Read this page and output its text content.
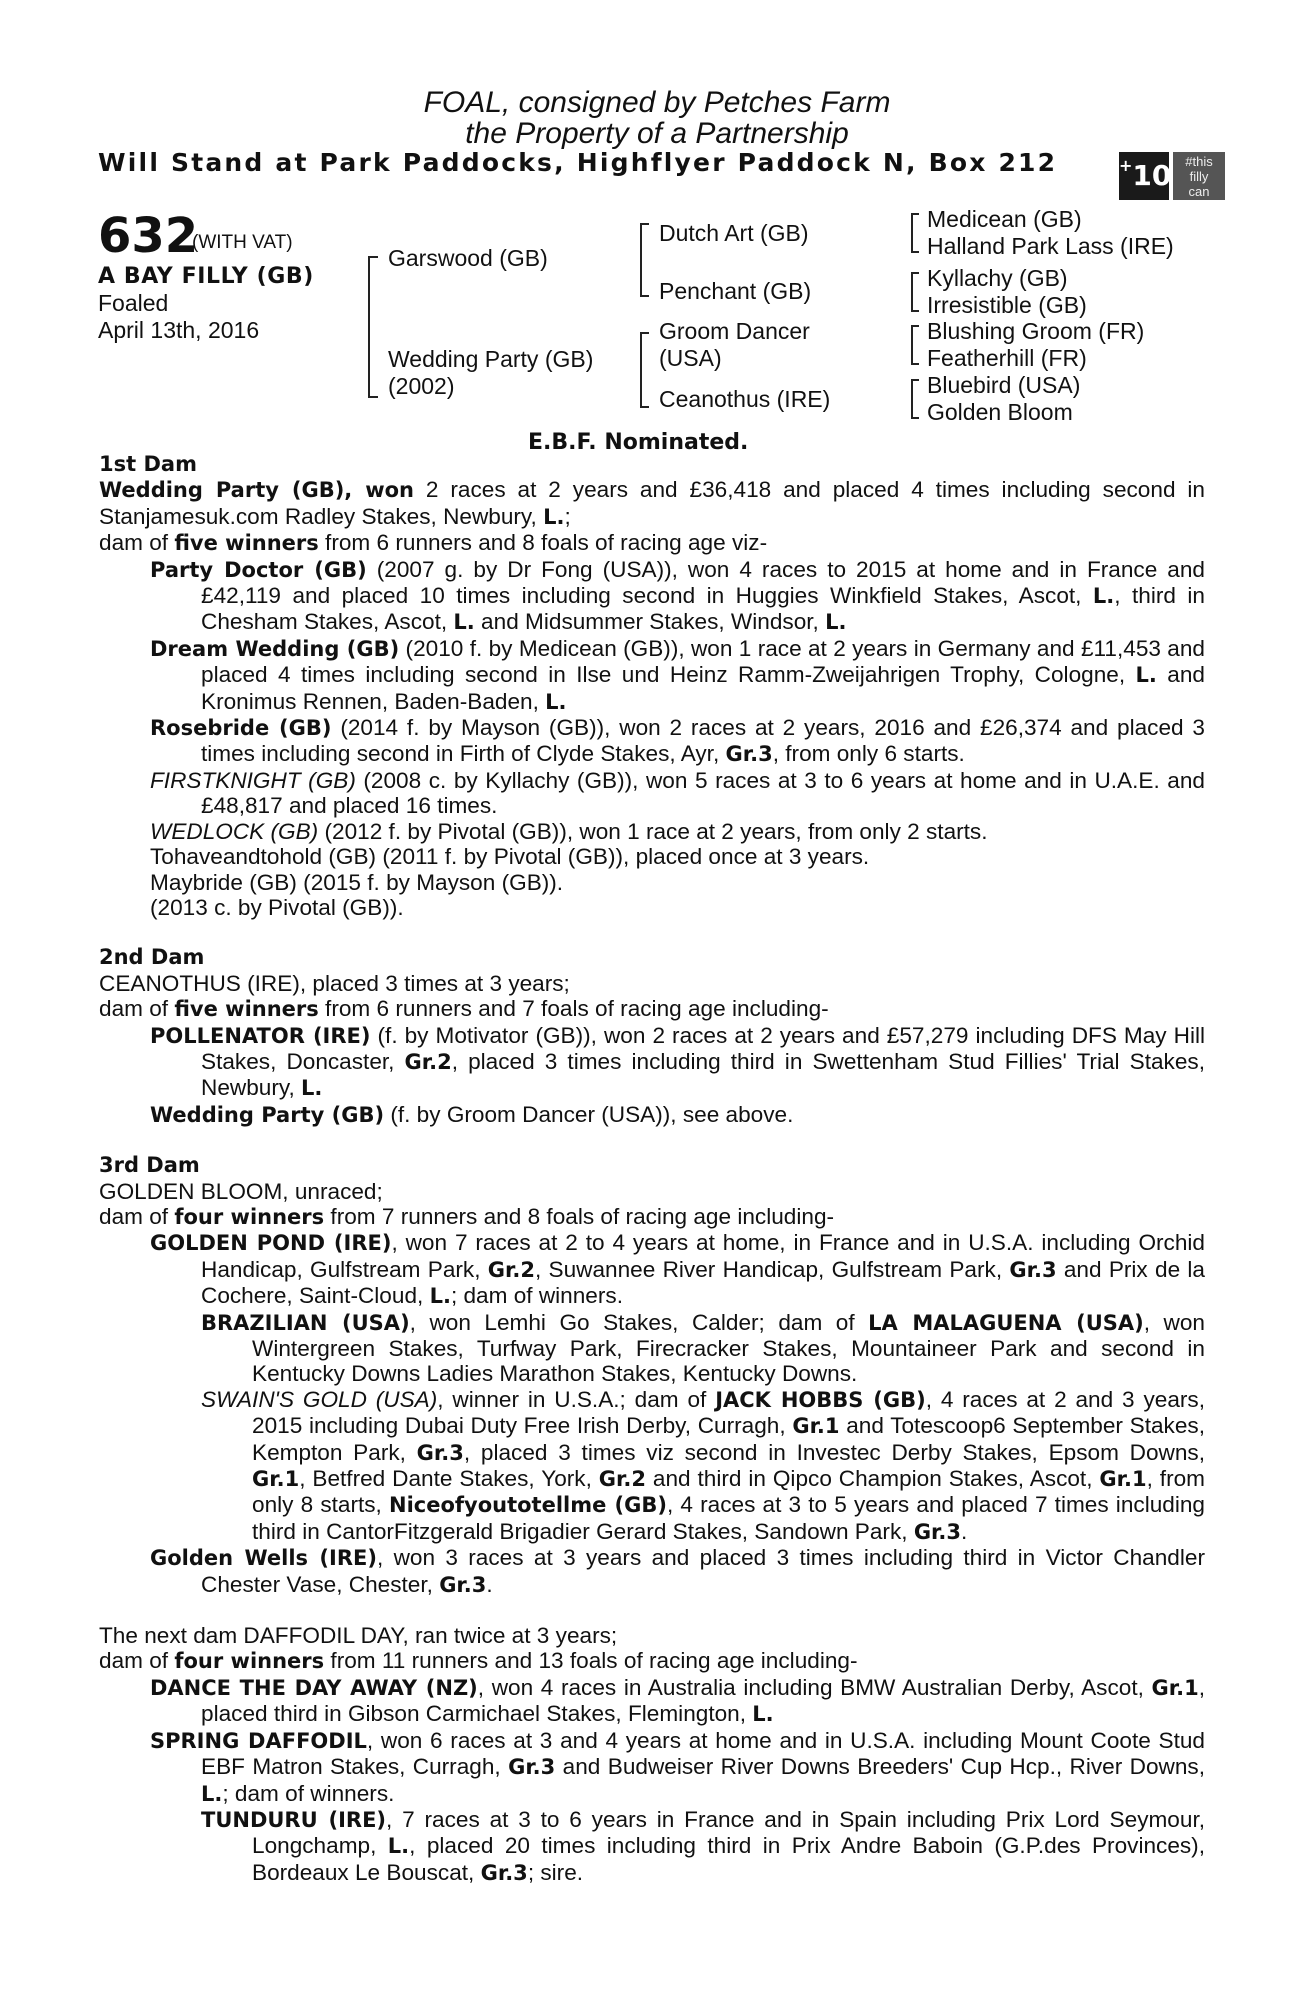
FOAL, consigned by Petches Farm
the Property of a Partnership
Will Stand at Park Paddocks, Highflyer Paddock N, Box 212	+10	#this
filly
can
632
(WITH VAT)
A BAY FILLY (GB)
Foaled
April 13th, 2016
Garswood (GB)
Wedding Party (GB)
(2002)
Dutch Art (GB)
Penchant (GB)
Groom Dancer
(USA)
Ceanothus (IRE)
Medicean (GB)
Halland Park Lass (IRE)
Kyllachy (GB)
Irresistible (GB)
Blushing Groom (FR)
Featherhill (FR)
Bluebird (USA)
Golden Bloom
E.B.F. Nominated.

1st Dam

Wedding Party (GB), won 2 races at 2 years and £36,418 and placed 4 times including second in Stanjamesuk.com Radley Stakes, Newbury, L.;

dam of five winners from 6 runners and 8 foals of racing age viz-

Party Doctor (GB) (2007 g. by Dr Fong (USA)), won 4 races to 2015 at home and in France and £42,119 and placed 10 times including second in Huggies Winkfield Stakes, Ascot, L., third in Chesham Stakes, Ascot, L. and Midsummer Stakes, Windsor, L.

Dream Wedding (GB) (2010 f. by Medicean (GB)), won 1 race at 2 years in Germany and £11,453 and placed 4 times including second in Ilse und Heinz Ramm-Zweijahrigen Trophy, Cologne, L. and Kronimus Rennen, Baden-Baden, L.

Rosebride (GB) (2014 f. by Mayson (GB)), won 2 races at 2 years, 2016 and £26,374 and placed 3 times including second in Firth of Clyde Stakes, Ayr, Gr.3, from only 6 starts.

FIRSTKNIGHT (GB) (2008 c. by Kyllachy (GB)), won 5 races at 3 to 6 years at home and in U.A.E. and £48,817 and placed 16 times.

WEDLOCK (GB) (2012 f. by Pivotal (GB)), won 1 race at 2 years, from only 2 starts.

Tohaveandtohold (GB) (2011 f. by Pivotal (GB)), placed once at 3 years.

Maybride (GB) (2015 f. by Mayson (GB)).

(2013 c. by Pivotal (GB)).

2nd Dam

CEANOTHUS (IRE), placed 3 times at 3 years;

dam of five winners from 6 runners and 7 foals of racing age including-

POLLENATOR (IRE) (f. by Motivator (GB)), won 2 races at 2 years and £57,279 including DFS May Hill Stakes, Doncaster, Gr.2, placed 3 times including third in Swettenham Stud Fillies' Trial Stakes, Newbury, L.

Wedding Party (GB) (f. by Groom Dancer (USA)), see above.

3rd Dam

GOLDEN BLOOM, unraced;

dam of four winners from 7 runners and 8 foals of racing age including-

GOLDEN POND (IRE), won 7 races at 2 to 4 years at home, in France and in U.S.A. including Orchid Handicap, Gulfstream Park, Gr.2, Suwannee River Handicap, Gulfstream Park, Gr.3 and Prix de la Cochere, Saint-Cloud, L.; dam of winners.

BRAZILIAN (USA), won Lemhi Go Stakes, Calder; dam of LA MALAGUENA (USA), won Wintergreen Stakes, Turfway Park, Firecracker Stakes, Mountaineer Park and second in Kentucky Downs Ladies Marathon Stakes, Kentucky Downs.

SWAIN'S GOLD (USA), winner in U.S.A.; dam of JACK HOBBS (GB), 4 races at 2 and 3 years, 2015 including Dubai Duty Free Irish Derby, Curragh, Gr.1 and Totescoop6 September Stakes, Kempton Park, Gr.3, placed 3 times viz second in Investec Derby Stakes, Epsom Downs, Gr.1, Betfred Dante Stakes, York, Gr.2 and third in Qipco Champion Stakes, Ascot, Gr.1, from only 8 starts, Niceofyoutotellme (GB), 4 races at 3 to 5 years and placed 7 times including third in CantorFitzgerald Brigadier Gerard Stakes, Sandown Park, Gr.3.

Golden Wells (IRE), won 3 races at 3 years and placed 3 times including third in Victor Chandler Chester Vase, Chester, Gr.3.

The next dam DAFFODIL DAY, ran twice at 3 years;

dam of four winners from 11 runners and 13 foals of racing age including-

DANCE THE DAY AWAY (NZ), won 4 races in Australia including BMW Australian Derby, Ascot, Gr.1, placed third in Gibson Carmichael Stakes, Flemington, L.

SPRING DAFFODIL, won 6 races at 3 and 4 years at home and in U.S.A. including Mount Coote Stud EBF Matron Stakes, Curragh, Gr.3 and Budweiser River Downs Breeders' Cup Hcp., River Downs, L.; dam of winners.

TUNDURU (IRE), 7 races at 3 to 6 years in France and in Spain including Prix Lord Seymour, Longchamp, L., placed 20 times including third in Prix Andre Baboin (G.P.des Provinces), Bordeaux Le Bouscat, Gr.3; sire.
